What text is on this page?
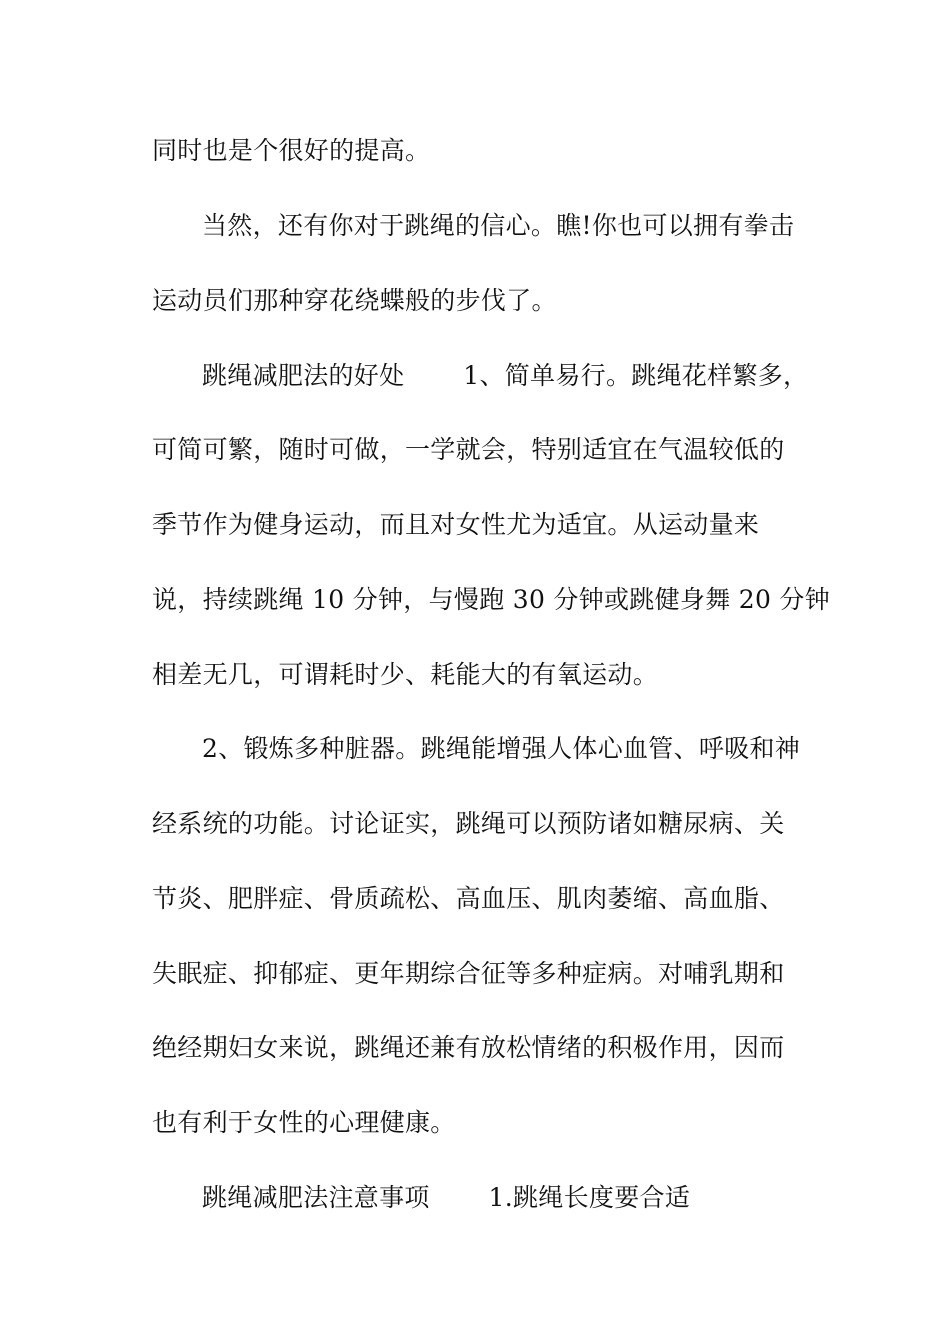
同时也是个很好的提高。
当然，还有你对于跳绳的信心。瞧!你也可以拥有拳击
运动员们那种穿花绕蝶般的步伐了。
跳绳减肥法的好处　　 1、简单易行。跳绳花样繁多，
可简可繁，随时可做，一学就会，特别适宜在气温较低的
季节作为健身运动，而且对女性尤为适宜。从运动量来
说，持续跳绳 10 分钟，与慢跑 30 分钟或跳健身舞 20 分钟
相差无几，可谓耗时少、耗能大的有氧运动。
2、锻炼多种脏器。跳绳能增强人体心血管、呼吸和神
经系统的功能。讨论证实，跳绳可以预防诸如糖尿病、关
节炎、肥胖症、骨质疏松、高血压、肌肉萎缩、高血脂、
失眠症、抑郁症、更年期综合征等多种症病。对哺乳期和
绝经期妇女来说，跳绳还兼有放松情绪的积极作用，因而
也有利于女性的心理健康。
跳绳减肥法注意事项　　 1.跳绳长度要合适
